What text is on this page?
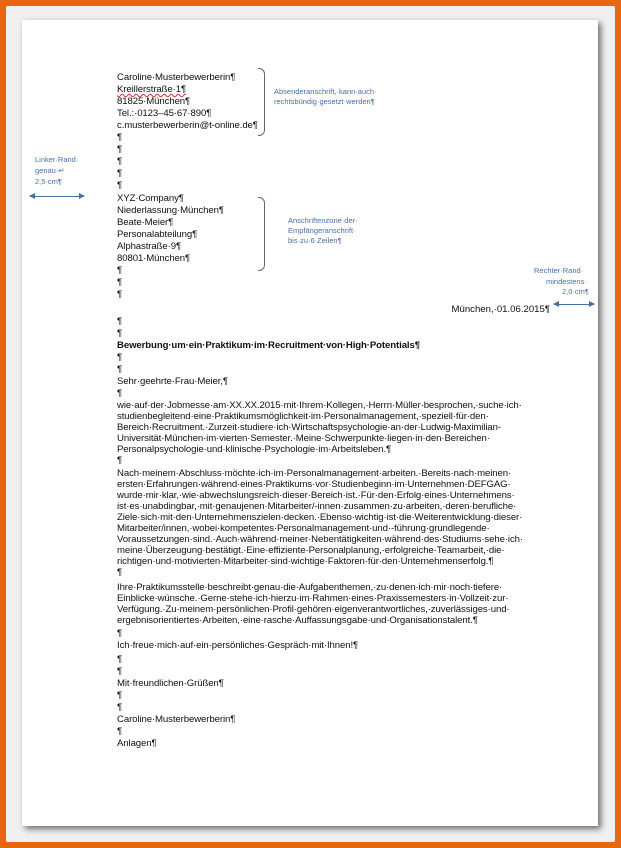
Caroline·Musterbewerberin¶
Kreillerstraße·1¶
81825·München¶
Tel.:·0123–45·67·890¶
c.musterbewerberin@t-online.de¶
¶
¶
¶
¶
¶
Absenderanschrift,·kann·auch·
rechtsbündig·gesetzt·werden¶
Linker·Rand·
genau·↵
2,5·cm¶
XYZ·Company¶
Niederlassung·München¶
Beate·Meier¶
Personalabteilung¶
Alphastraße·9¶
80801·München¶
¶
¶
¶
Anschriftenzone·der·
Empfängeranschrift·
bis·zu·6·Zeilen¶
Rechter·Rand·
mindestens·
2,0·cm¶
München,·01.06.2015¶
¶
¶
Bewerbung·um·ein·Praktikum·im·Recruitment·von·High·Potentials¶
¶
¶
Sehr·geehrte·Frau·Meier,¶
¶
wie·auf·der·Jobmesse·am·XX.XX.2015·mit·Ihrem·Kollegen,·Herrn·Müller·besprochen,·suche·ich·
studienbegleitend·eine·Praktikumsmöglichkeit·im·Personalmanagement,·speziell·für·den·
Bereich·Recruitment.·Zurzeit·studiere·ich·Wirtschaftspsychologie·an·der·Ludwig-Maximilian-
Universität·München·im·vierten·Semester.·Meine·Schwerpunkte·liegen·in·den·Bereichen·
Personalpsychologie·und·klinische·Psychologie·im·Arbeitsleben.¶
¶
Nach·meinem·Abschluss·möchte·ich·im·Personalmanagement·arbeiten.·Bereits·nach·meinen·
ersten·Erfahrungen·während·eines·Praktikums·vor·Studienbeginn·im·Unternehmen·DEFGAG·
wurde·mir·klar,·wie·abwechslungsreich·dieser·Bereich·ist.·Für·den·Erfolg·eines·Unternehmens·
ist·es·unabdingbar,·mit·genaujenen·Mitarbeiter/-innen·zusammen·zu·arbeiten,·deren·berufliche·
Ziele·sich·mit·den·Unternehmenszielen·decken.·Ebenso·wichtig·ist·die·Weiterentwicklung·dieser·
Mitarbeiter/innen,·wobei·kompetentes·Personalmanagement·und·-führung·grundlegende·
Voraussetzungen·sind.·Auch·während·meiner·Nebentätigkeiten·während·des·Studiums·sehe·ich·
meine·Überzeugung·bestätigt.·Eine·effiziente·Personalplanung,·erfolgreiche·Teamarbeit,·die·
richtigen·und·motivierten·Mitarbeiter·sind·wichtige·Faktoren·für·den·Unternehmenserfolg.¶
¶
Ihre·Praktikumsstelle·beschreibt·genau·die·Aufgabenthemen,·zu·denen·ich·mir·noch·tiefere·
Einblicke·wünsche.·Gerne·stehe·ich·hierzu·im·Rahmen·eines·Praxissemesters·in·Vollzeit·zur·
Verfügung.·Zu·meinem·persönlichen·Profil·gehören·eigenverantwortliches,·zuverlässiges·und·
ergebnisorientiertes·Arbeiten,·eine·rasche·Auffassungsgabe·und·Organisationstalent.¶
¶
Ich·freue·mich·auf·ein·persönliches·Gespräch·mit·Ihnen!¶
¶
¶
Mit·freundlichen·Grüßen¶
¶
¶
Caroline·Musterbewerberin¶
¶
Anlagen¶
